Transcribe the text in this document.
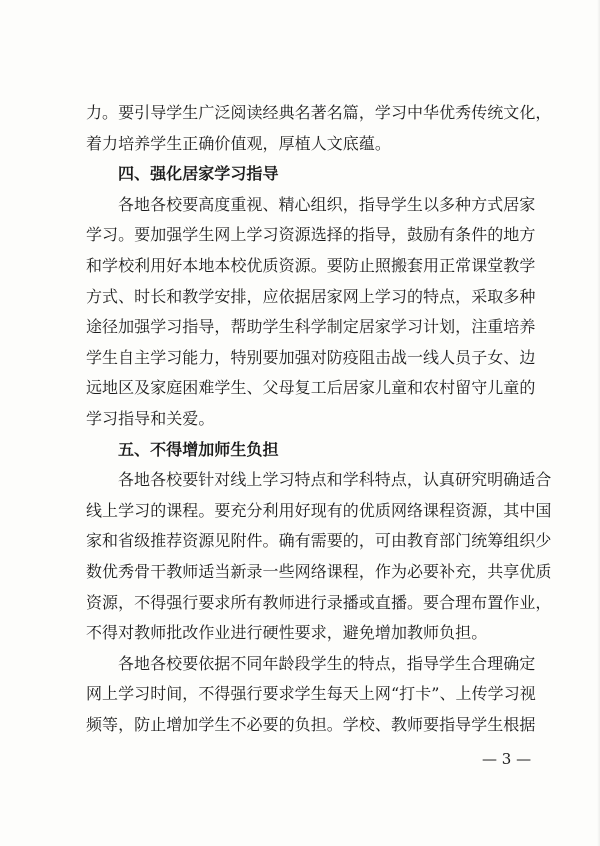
力。要引导学生广泛阅读经典名著名篇，学习中华优秀传统文化，
着力培养学生正确价值观，厚植人文底蕴。
四、强化居家学习指导
各地各校要高度重视、精心组织，指导学生以多种方式居家
学习。要加强学生网上学习资源选择的指导，鼓励有条件的地方
和学校利用好本地本校优质资源。要防止照搬套用正常课堂教学
方式、时长和教学安排，应依据居家网上学习的特点，采取多种
途径加强学习指导，帮助学生科学制定居家学习计划，注重培养
学生自主学习能力，特别要加强对防疫阻击战一线人员子女、边
远地区及家庭困难学生、父母复工后居家儿童和农村留守儿童的
学习指导和关爱。
五、不得增加师生负担
各地各校要针对线上学习特点和学科特点，认真研究明确适合
线上学习的课程。要充分利用好现有的优质网络课程资源，其中国
家和省级推荐资源见附件。确有需要的，可由教育部门统筹组织少
数优秀骨干教师适当新录一些网络课程，作为必要补充，共享优质
资源，不得强行要求所有教师进行录播或直播。要合理布置作业，
不得对教师批改作业进行硬性要求，避免增加教师负担。
各地各校要依据不同年龄段学生的特点，指导学生合理确定
网上学习时间，不得强行要求学生每天上网“打卡”、上传学习视
频等，防止增加学生不必要的负担。学校、教师要指导学生根据
— 3 —
